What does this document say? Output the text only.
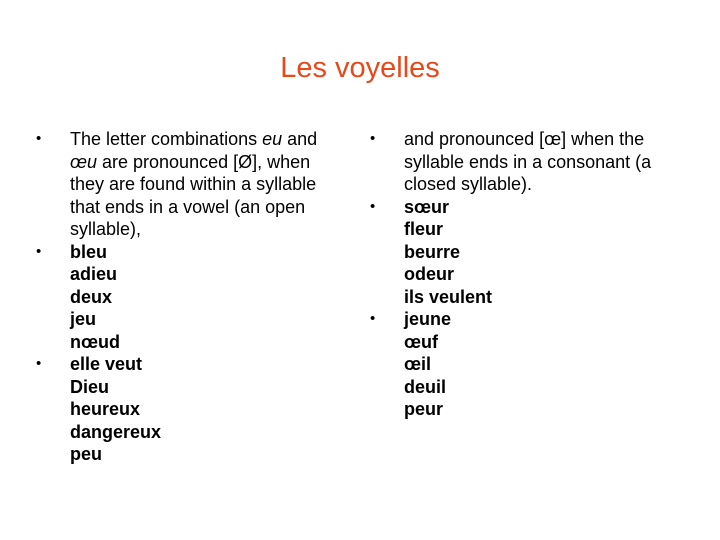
Les voyelles
•	The letter combinations eu and
œu are pronounced [Ø], when
they are found within a syllable
that ends in a vowel (an open
syllable),
•	bleu
adieu
deux
jeu
nœud
•	elle veut
Dieu
heureux
dangereux
peu
•	and pronounced [œ] when the
syllable ends in a consonant (a
closed syllable).
•	sœur
fleur
beurre
odeur
ils veulent
•	jeune
œuf
œil
deuil
peur
